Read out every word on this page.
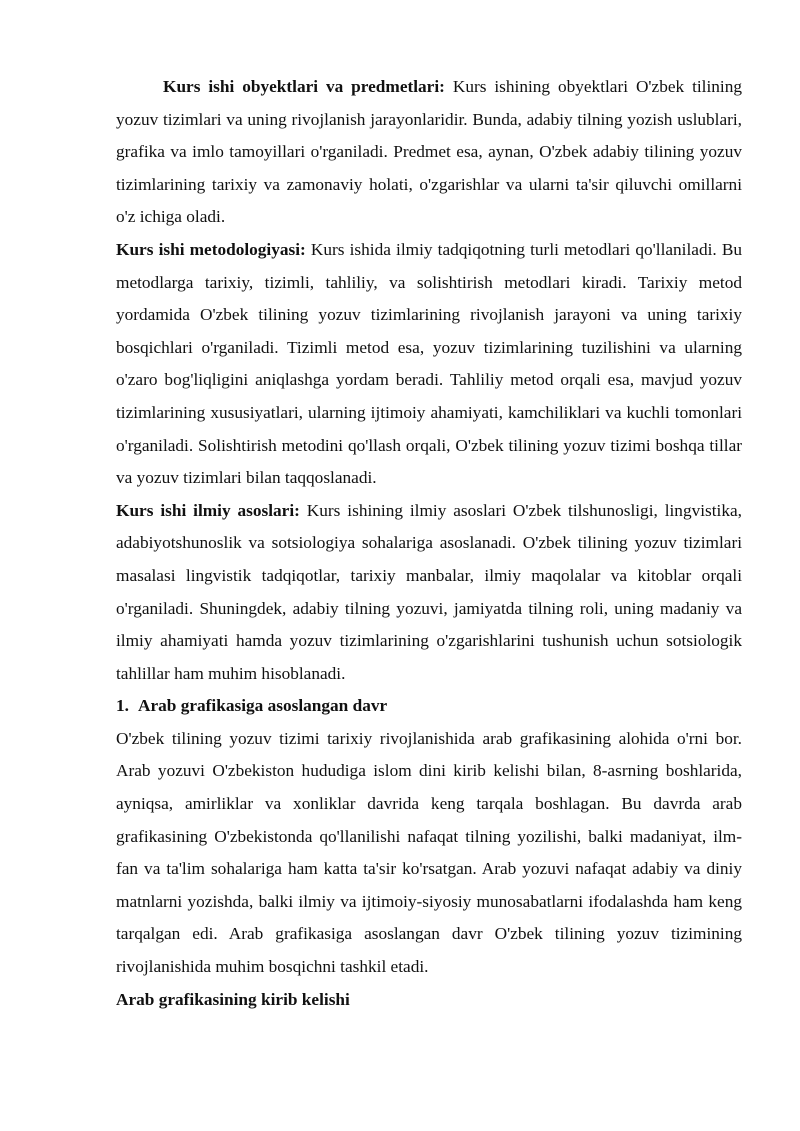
Kurs ishi obyektlari va predmetlari: Kurs ishining obyektlari O'zbek tilining yozuv tizimlari va uning rivojlanish jarayonlaridir. Bunda, adabiy tilning yozish uslublari, grafika va imlo tamoyillari o'rganiladi. Predmet esa, aynan, O'zbek adabiy tilining yozuv tizimlarining tarixiy va zamonaviy holati, o'zgarishlar va ularni ta'sir qiluvchi omillarni o'z ichiga oladi.

Kurs ishi metodologiyasi: Kurs ishida ilmiy tadqiqotning turli metodlari qo'llaniladi. Bu metodlarga tarixiy, tizimli, tahliliy, va solishtirish metodlari kiradi. Tarixiy metod yordamida O'zbek tilining yozuv tizimlarining rivojlanish jarayoni va uning tarixiy bosqichlari o'rganiladi. Tizimli metod esa, yozuv tizimlarining tuzilishini va ularning o'zaro bog'liqligini aniqlashga yordam beradi. Tahliliy metod orqali esa, mavjud yozuv tizimlarining xususiyatlari, ularning ijtimoiy ahamiyati, kamchiliklari va kuchli tomonlari o'rganiladi. Solishtirish metodini qo'llash orqali, O'zbek tilining yozuv tizimi boshqa tillar va yozuv tizimlari bilan taqqoslanadi.

Kurs ishi ilmiy asoslari: Kurs ishining ilmiy asoslari O'zbek tilshunosligi, lingvistika, adabiyotshunoslik va sotsiologiya sohalariga asoslanadi. O'zbek tilining yozuv tizimlari masalasi lingvistik tadqiqotlar, tarixiy manbalar, ilmiy maqolalar va kitoblar orqali o'rganiladi. Shuningdek, adabiy tilning yozuvi, jamiyatda tilning roli, uning madaniy va ilmiy ahamiyati hamda yozuv tizimlarining o'zgarishlarini tushunish uchun sotsiologik tahlillar ham muhim hisoblanadi.

1. Arab grafikasiga asoslangan davr

O'zbek tilining yozuv tizimi tarixiy rivojlanishida arab grafikasining alohida o'rni bor. Arab yozuvi O'zbekiston hududiga islom dini kirib kelishi bilan, 8-asrning boshlarida, ayniqsa, amirliklar va xonliklar davrida keng tarqala boshlagan. Bu davrda arab grafikasining O'zbekistonda qo'llanilishi nafaqat tilning yozilishi, balki madaniyat, ilm-fan va ta'lim sohalariga ham katta ta'sir ko'rsatgan. Arab yozuvi nafaqat adabiy va diniy matnlarni yozishda, balki ilmiy va ijtimoiy-siyosiy munosabatlarni ifodalashda ham keng tarqalgan edi. Arab grafikasiga asoslangan davr O'zbek tilining yozuv tizimining rivojlanishida muhim bosqichni tashkil etadi.

Arab grafikasining kirib kelishi
